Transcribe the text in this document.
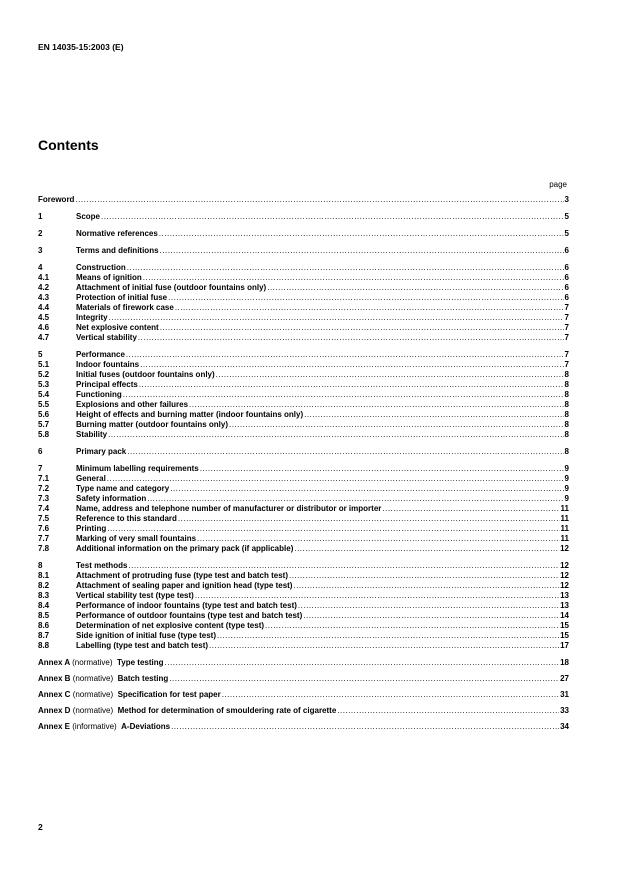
EN 14035-15:2003 (E)
Contents
page
Foreword .....	3
1	Scope .....	5
2	Normative references .....	5
3	Terms and definitions .....	6
4	Construction .....	6
4.1	Means of ignition .....	6
4.2	Attachment of initial fuse (outdoor fountains only) .....	6
4.3	Protection of initial fuse .....	6
4.4	Materials of firework case .....	7
4.5	Integrity .....	7
4.6	Net explosive content .....	7
4.7	Vertical stability .....	7
5	Performance .....	7
5.1	Indoor fountains .....	7
5.2	Initial fuses (outdoor fountains only) .....	8
5.3	Principal effects .....	8
5.4	Functioning .....	8
5.5	Explosions and other failures .....	8
5.6	Height of effects and burning matter (indoor fountains only) .....	8
5.7	Burning matter (outdoor fountains only) .....	8
5.8	Stability .....	8
6	Primary pack .....	8
7	Minimum labelling requirements .....	9
7.1	General .....	9
7.2	Type name and category .....	9
7.3	Safety information .....	9
7.4	Name, address and telephone number of manufacturer or distributor or importer .....	11
7.5	Reference to this standard .....	11
7.6	Printing .....	11
7.7	Marking of very small fountains .....	11
7.8	Additional information on the primary pack (if applicable) .....	12
8	Test methods .....	12
8.1	Attachment of protruding fuse (type test and batch test) .....	12
8.2	Attachment of sealing paper and ignition head (type test) .....	12
8.3	Vertical stability test (type test) .....	13
8.4	Performance of indoor fountains (type test and batch test) .....	13
8.5	Performance of outdoor fountains (type test and batch test) .....	14
8.6	Determination of net explosive content (type test) .....	15
8.7	Side ignition of initial fuse (type test) .....	15
8.8	Labelling (type test and batch test) .....	17
Annex A (normative) Type testing .....	18
Annex B (normative) Batch testing .....	27
Annex C (normative) Specification for test paper .....	31
Annex D (normative) Method for determination of smouldering rate of cigarette .....	33
Annex E (informative) A-Deviations .....	34
2
